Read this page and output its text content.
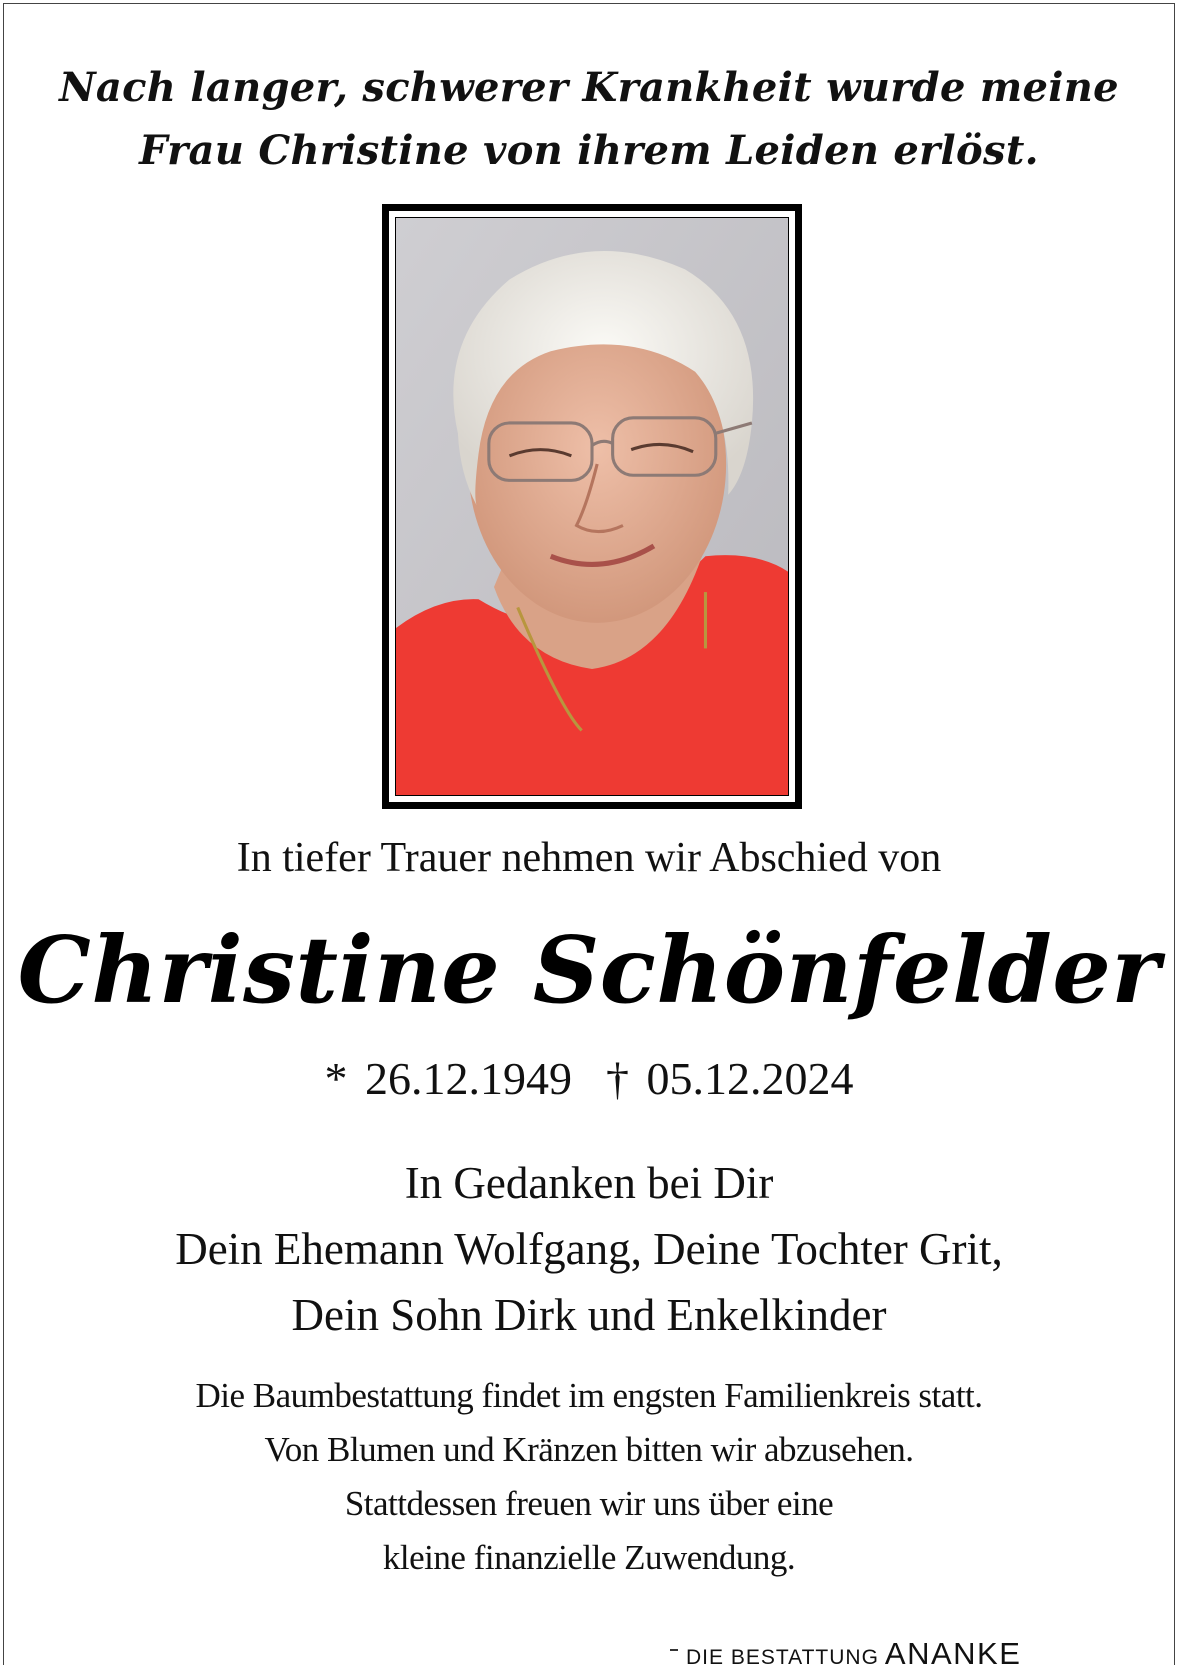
Nach langer, schwerer Krankheit wurde meine
Frau Christine von ihrem Leiden erlöst.
In tiefer Trauer nehmen wir Abschied von
Christine Schönfelder
* 26.12.1949 † 05.12.2024
In Gedanken bei Dir
Dein Ehemann Wolfgang, Deine Tochter Grit,
Dein Sohn Dirk und Enkelkinder
Die Baumbestattung findet im engsten Familienkreis statt.
Von Blumen und Kränzen bitten wir abzusehen.
Stattdessen freuen wir uns über eine
kleine finanzielle Zuwendung.
DIE BESTATTUNG ANANKE
